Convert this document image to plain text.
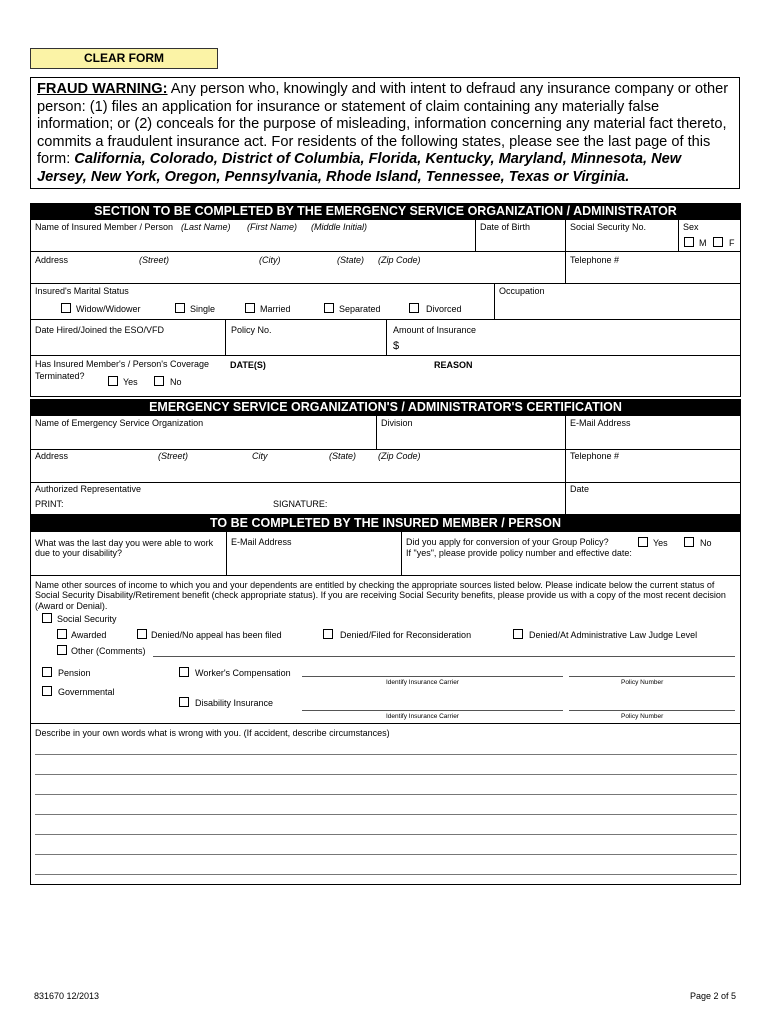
CLEAR FORM
FRAUD WARNING: Any person who, knowingly and with intent to defraud any insurance company or other person: (1) files an application for insurance or statement of claim containing any materially false information; or (2) conceals for the purpose of misleading, information concerning any material fact thereto, commits a fraudulent insurance act. For residents of the following states, please see the last page of this form: California, Colorado, District of Columbia, Florida, Kentucky, Maryland, Minnesota, New Jersey, New York, Oregon, Pennsylvania, Rhode Island, Tennessee, Texas or Virginia.
SECTION TO BE COMPLETED BY THE EMERGENCY SERVICE ORGANIZATION / ADMINISTRATOR
Name of Insured Member / Person (Last Name) (First Name) (Middle Initial)	Date of Birth	Social Security No.	Sex
M	F
Address	(Street)	(City)	(State) (Zip Code)	Telephone #
Insured's Marital Status	Occupation
Widow/Widower	Single	Married	Separated	Divorced
Date Hired/Joined the ESO/VFD	Policy No.	Amount of Insurance
$
Has Insured Member's / Person's Coverage
Terminated?
Yes	No
DATE(S)	REASON
EMERGENCY SERVICE ORGANIZATION'S / ADMINISTRATOR'S CERTIFICATION
Name of Emergency Service Organization	Division	E-Mail Address
Address	(Street)	City	(State) (Zip Code)	Telephone #
Authorized Representative
PRINT:	SIGNATURE:
Date
TO BE COMPLETED BY THE INSURED MEMBER / PERSON
What was the last day you were able to work
due to your disability?
E-Mail Address	Did you apply for conversion of your Group Policy?
If "yes", please provide policy number and effective date:
Yes	No
Name other sources of income to which you and your dependents are entitled by checking the appropriate sources listed below. Please indicate below the current status of Social Security Disability/Retirement benefit (check appropriate status). If you are receiving Social Security benefits, please provide us with a copy of the most recent decision (Award or Denial).
Social Security
Awarded	Denied/No appeal has been filed	Denied/Filed for Reconsideration	Denied/At Administrative Law Judge Level
Other (Comments)
Pension
Governmental
Worker's Compensation
Identify Insurance Carrier	Policy Number
Disability Insurance
Identify Insurance Carrier	Policy Number
Describe in your own words what is wrong with you. (If accident, describe circumstances)
831670 12/2013	Page 2 of 5
